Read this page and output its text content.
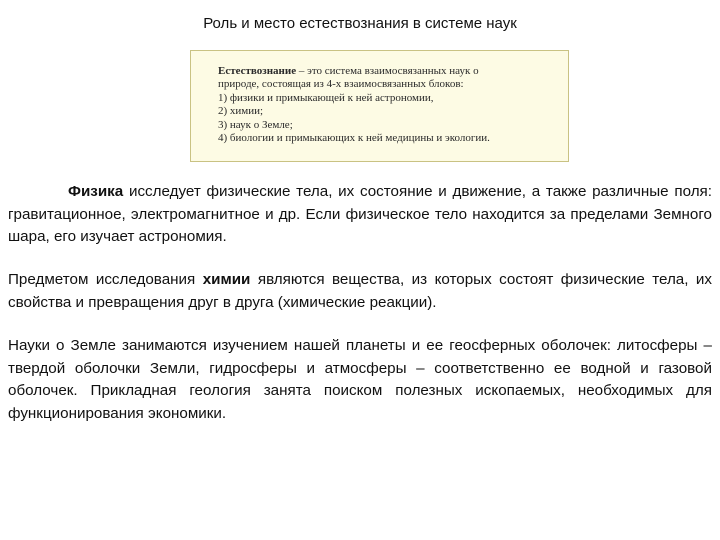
Роль и место естествознания в системе наук
Естествознание – это система взаимосвязанных наук о
природе, состоящая из 4-х взаимосвязанных блоков:
1) физики и примыкающей к ней астрономии,
2) химии;
3) наук о Земле;
4) биологии и примыкающих к ней медицины и экологии.

Физика исследует физические тела, их состояние и движение, а также различные поля: гравитационное, электромагнитное и др. Если физическое тело находится за пределами Земного шара, его изучает астрономия.

Предметом исследования химии являются вещества, из которых состоят физические тела, их свойства и превращения друг в друга (химические реакции).

Науки о Земле занимаются изучением нашей планеты и ее геосферных оболочек: литосферы – твердой оболочки Земли, гидросферы и атмосферы – соответственно ее водной и газовой оболочек. Прикладная геология занята поиском полезных ископаемых, необходимых для функционирования экономики.
